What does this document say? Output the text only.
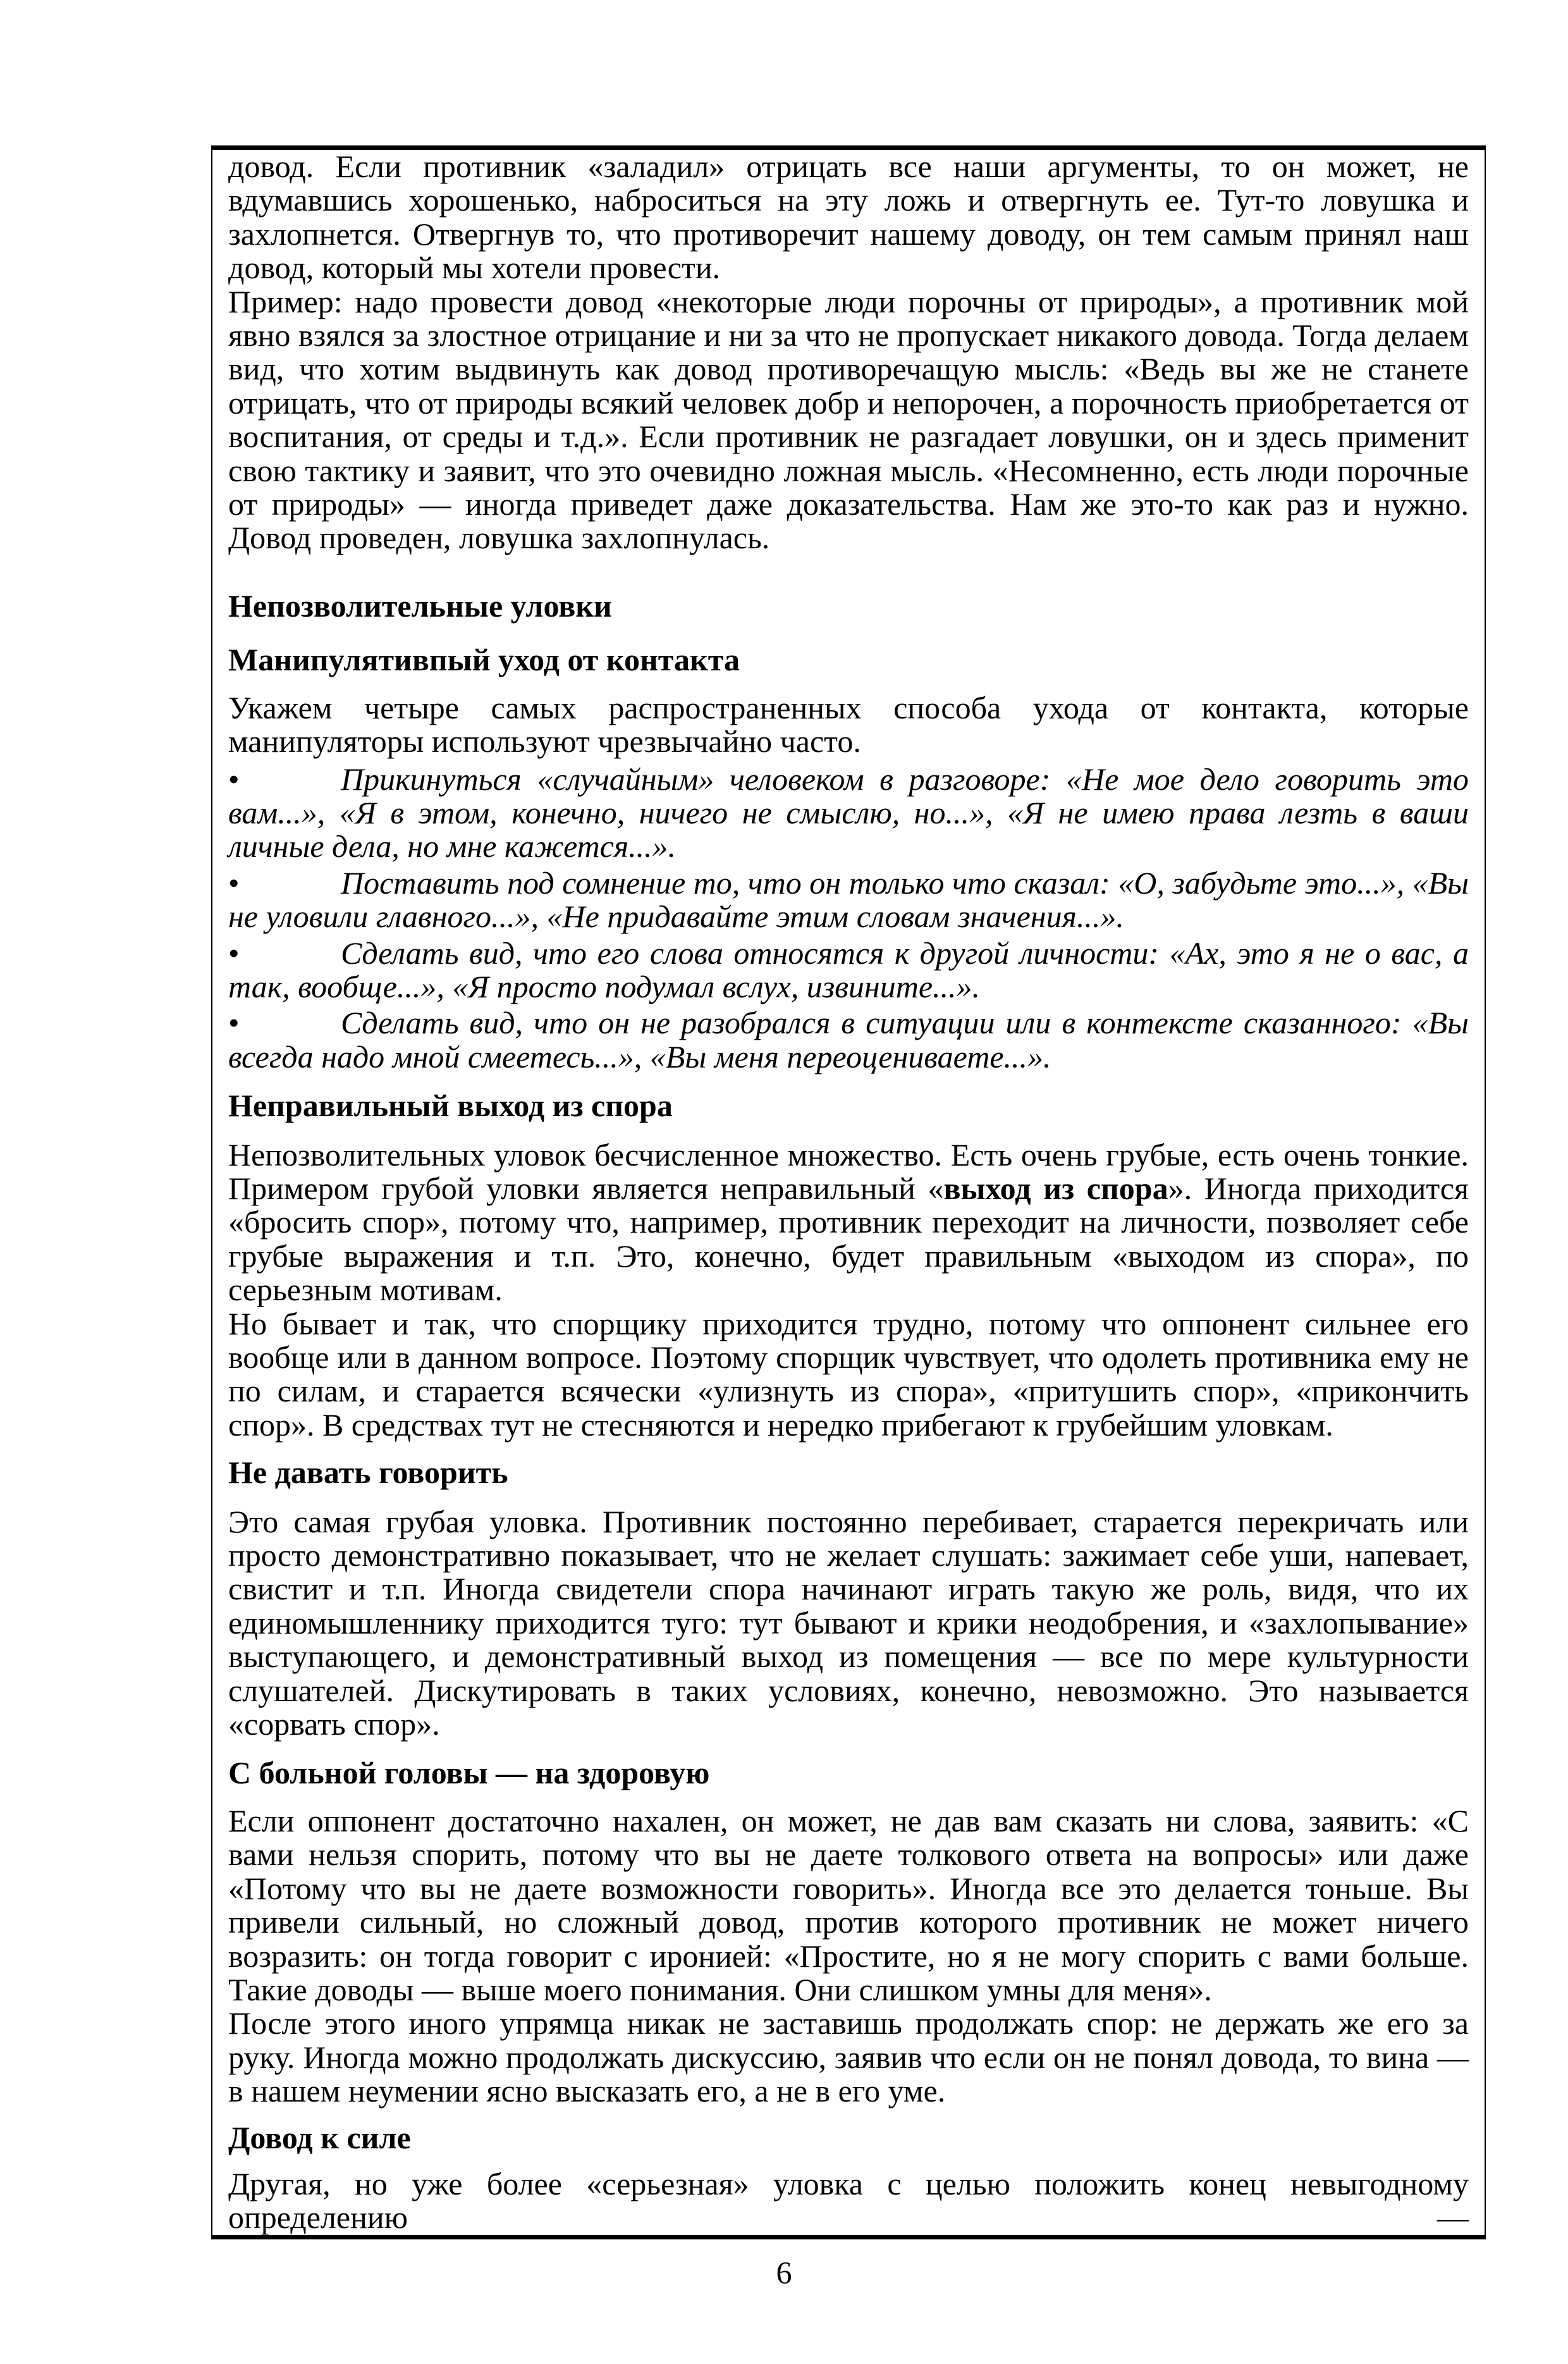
довод. Если противник «заладил» отрицать все наши аргументы, то он может, не вдумавшись хорошенько, наброситься на эту ложь и отвергнуть ее. Тут-то ловушка и захлопнется. Отвергнув то, что противоречит нашему доводу, он тем самым принял наш довод, который мы хотели провести.

Пример: надо провести довод «некоторые люди порочны от природы», а противник мой явно взялся за злостное отрицание и ни за что не пропускает никакого довода. Тогда делаем вид, что хотим выдвинуть как довод противоречащую мысль: «Ведь вы же не станете отрицать, что от природы всякий человек добр и непорочен, а порочность приобретается от воспитания, от среды и т.д.». Если противник не разгадает ловушки, он и здесь применит свою тактику и заявит, что это очевидно ложная мысль. «Несомненно, есть люди порочные от природы» — иногда приведет даже доказательства. Нам же это-то как раз и нужно. Довод проведен, ловушка захлопнулась.

Непозволительные уловки

Манипулятивпый уход от контакта

Укажем четыре самых распространенных способа ухода от контакта, которые манипуляторы используют чрезвычайно часто.

•	Прикинуться «случайным» человеком в разговоре: «Не мое дело говорить это вам...», «Я в этом, конечно, ничего не смыслю, но...», «Я не имею права лезть в ваши личные дела, но мне кажется...».

•	Поставить под сомнение то, что он только что сказал: «О, забудьте это...», «Вы не уловили главного...», «Не придавайте этим словам значения...».

•	Сделать вид, что его слова относятся к другой личности: «Ах, это я не о вас, а так, вообще...», «Я просто подумал вслух, извините...».

•	Сделать вид, что он не разобрался в ситуации или в контексте сказанного: «Вы всегда надо мной смеетесь...», «Вы меня переоцениваете...».

Неправильный выход из спора

Непозволительных уловок бесчисленное множество. Есть очень грубые, есть очень тонкие. Примером грубой уловки является неправильный «выход из спора». Иногда приходится «бросить спор», потому что, например, противник переходит на личности, позволяет себе грубые выражения и т.п. Это, конечно, будет правильным «выходом из спора», по серьезным мотивам.

Но бывает и так, что спорщику приходится трудно, потому что оппонент сильнее его вообще или в данном вопросе. Поэтому спорщик чувствует, что одолеть противника ему не по силам, и старается всячески «улизнуть из спора», «притушить спор», «прикончить спор». В средствах тут не стесняются и нередко прибегают к грубейшим уловкам.

Не давать говорить

Это самая грубая уловка. Противник постоянно перебивает, старается перекричать или просто демонстративно показывает, что не желает слушать: зажимает себе уши, напевает, свистит и т.п. Иногда свидетели спора начинают играть такую же роль, видя, что их единомышленнику приходится туго: тут бывают и крики неодобрения, и «захлопывание» выступающего, и демонстративный выход из помещения — все по мере культурности слушателей. Дискутировать в таких условиях, конечно, невозможно. Это называется «сорвать спор».

С больной головы — на здоровую

Если оппонент достаточно нахален, он может, не дав вам сказать ни слова, заявить: «С вами нельзя спорить, потому что вы не даете толкового ответа на вопросы» или даже «Потому что вы не даете возможности говорить». Иногда все это делается тоньше. Вы привели сильный, но сложный довод, против которого противник не может ничего возразить: он тогда говорит с иронией: «Простите, но я не могу спорить с вами больше. Такие доводы — выше моего понимания. Они слишком умны для меня».

После этого иного упрямца никак не заставишь продолжать спор: не держать же его за руку. Иногда можно продолжать дискуссию, заявив что если он не понял довода, то вина — в нашем неумении ясно высказать его, а не в его уме.

Довод к силе

Другая, но уже более «серьезная» уловка с целью положить конец невыгодному определению —

6
